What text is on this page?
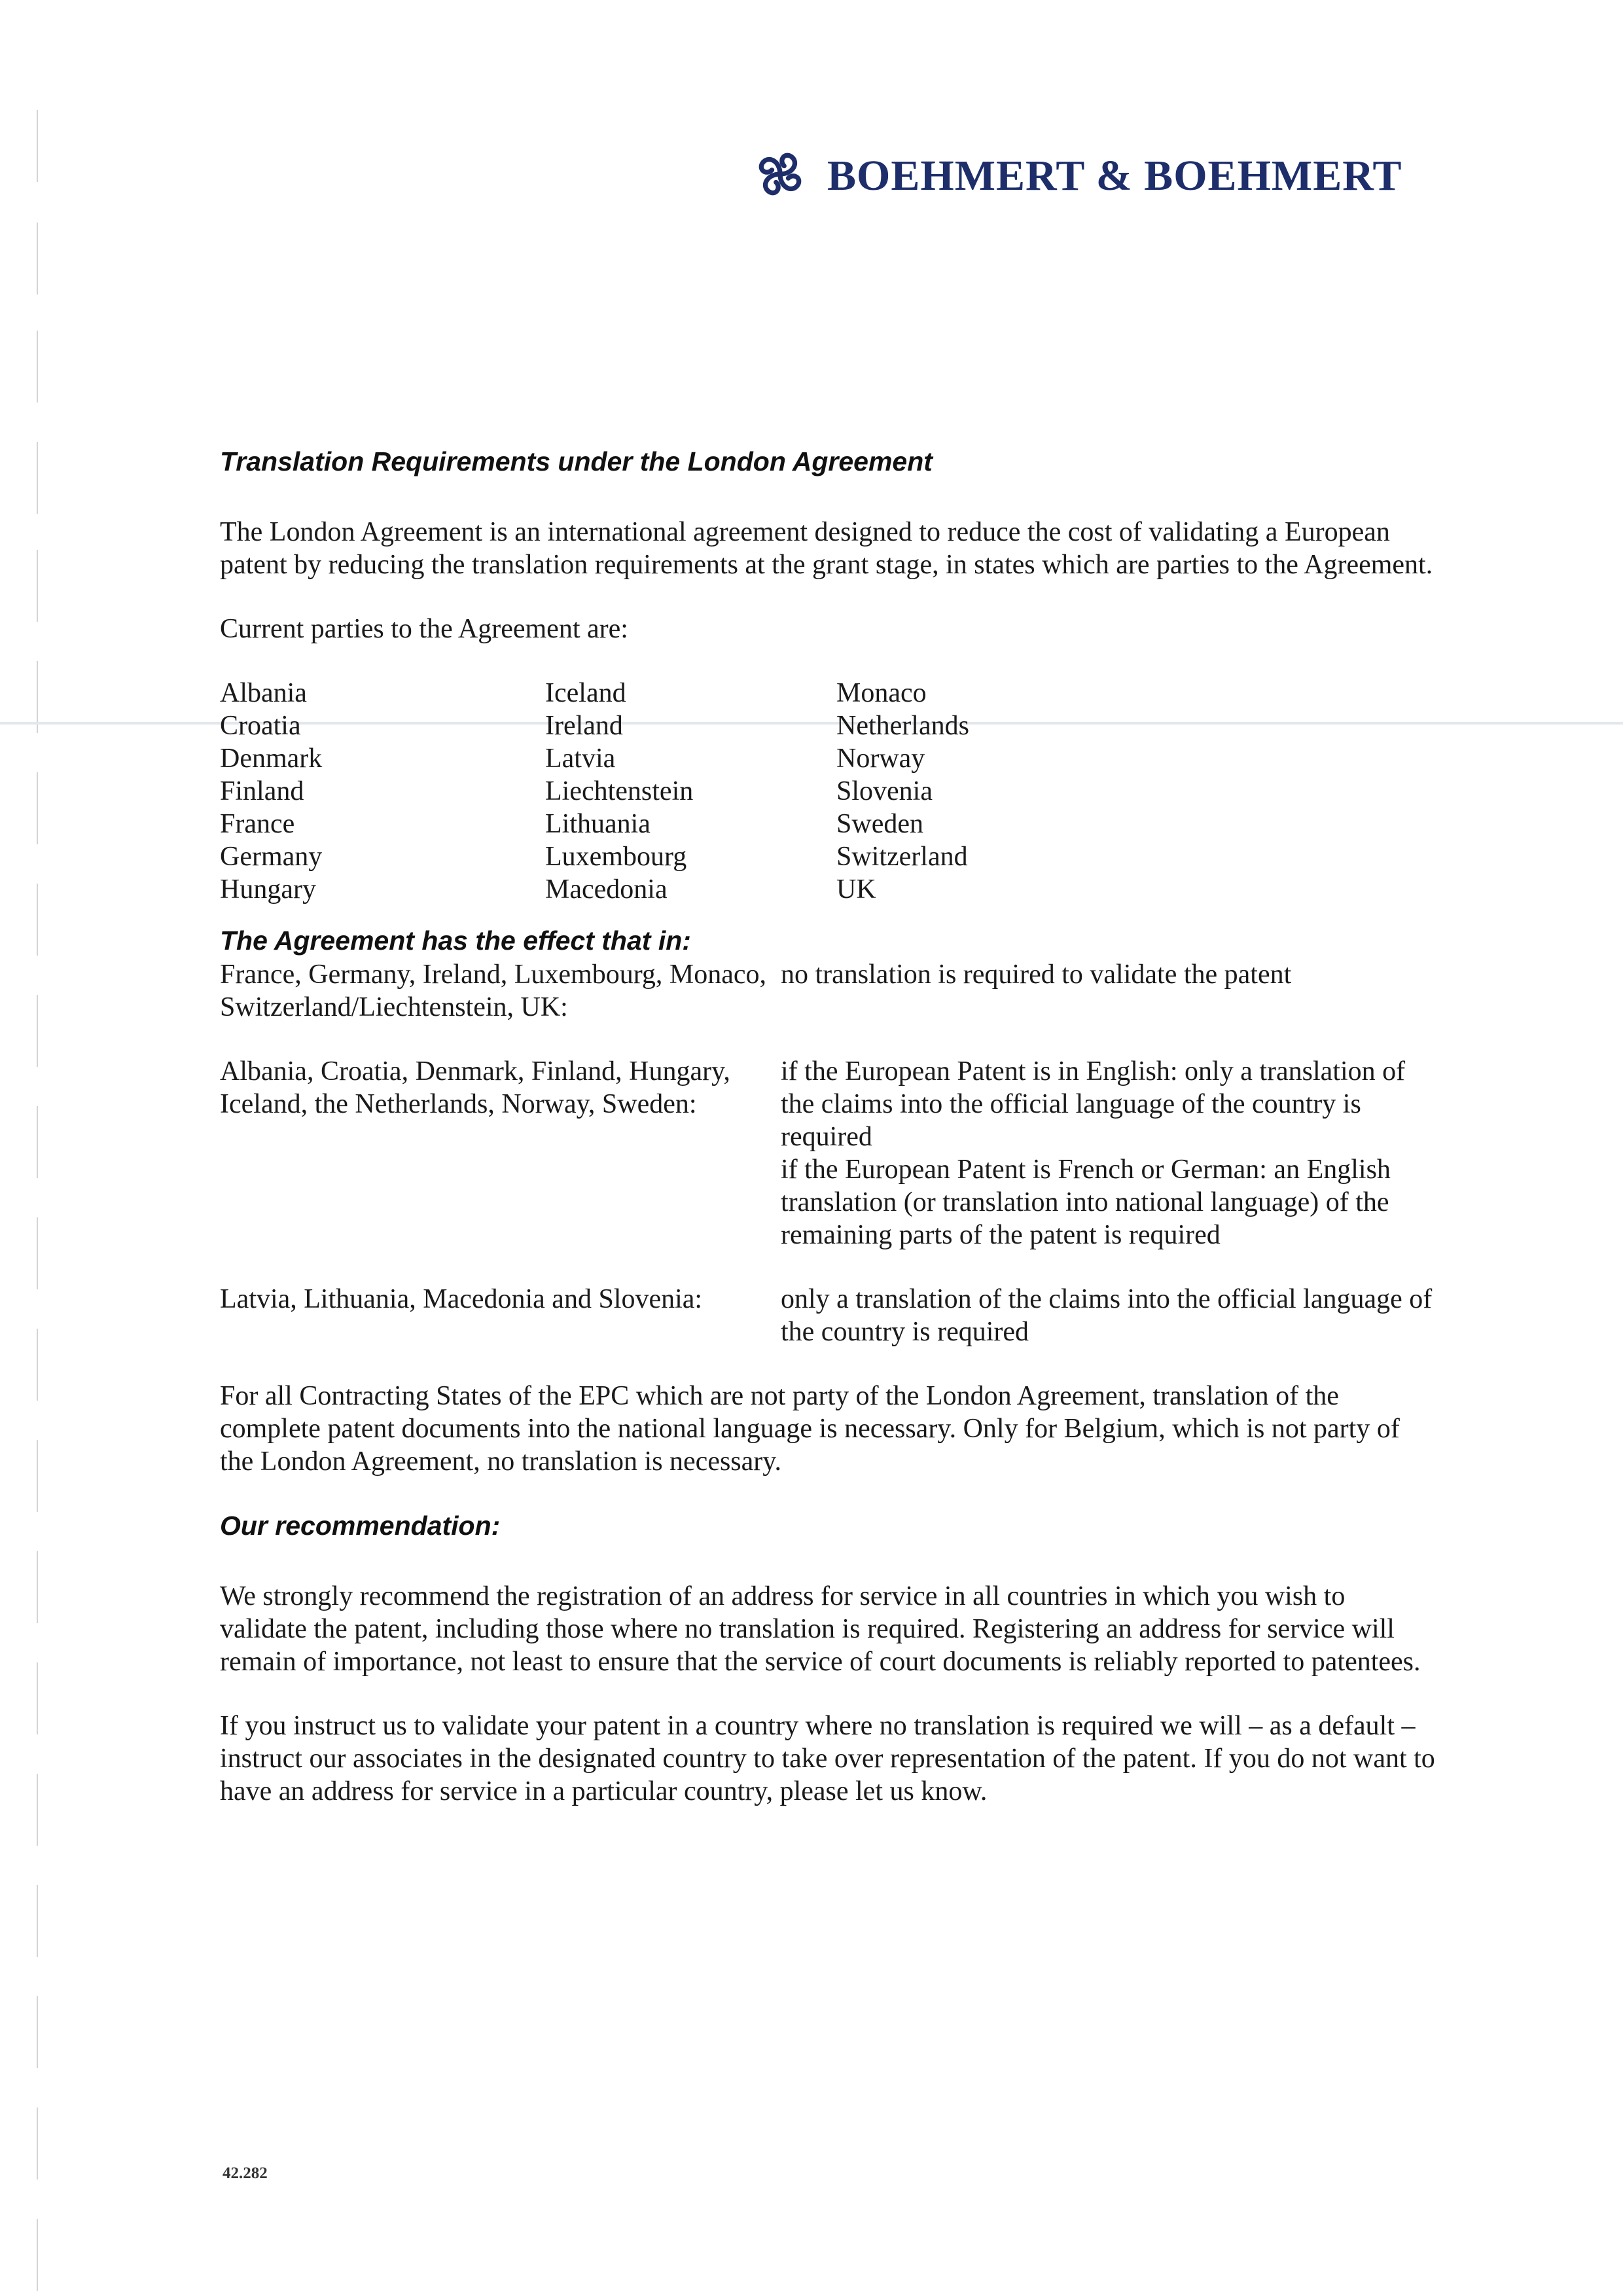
BOEHMERT & BOEHMERT
Translation Requirements under the London Agreement

The London Agreement is an international agreement designed to reduce the cost of validating a European patent by reducing the translation requirements at the grant stage, in states which are parties to the Agreement.

Current parties to the Agreement are:

Albania
Croatia
Denmark
Finland
France
Germany
Hungary
Iceland
Ireland
Latvia
Liechtenstein
Lithuania
Luxembourg
Macedonia
Monaco
Netherlands
Norway
Slovenia
Sweden
Switzerland
UK
The Agreement has the effect that in:
France, Germany, Ireland, Luxembourg, Monaco, Switzerland/Liechtenstein, UK:
no translation is required to validate the patent
Albania, Croatia, Denmark, Finland, Hungary, Iceland, the Netherlands, Norway, Sweden:
if the European Patent is in English: only a translation of the claims into the official language of the country is required
if the European Patent is French or German: an English translation (or translation into national language) of the remaining parts of the patent is required
Latvia, Lithuania, Macedonia and Slovenia:	only a translation of the claims into the official language of the country is required

For all Contracting States of the EPC which are not party of the London Agreement, translation of the complete patent documents into the national language is necessary. Only for Belgium, which is not party of the London Agreement, no translation is necessary.

Our recommendation:

We strongly recommend the registration of an address for service in all countries in which you wish to validate the patent, including those where no translation is required. Registering an address for service will remain of importance, not least to ensure that the service of court documents is reliably reported to patentees.

If you instruct us to validate your patent in a country where no translation is required we will – as a default – instruct our associates in the designated country to take over representation of the patent. If you do not want to have an address for service in a particular country, please let us know.

42.282
